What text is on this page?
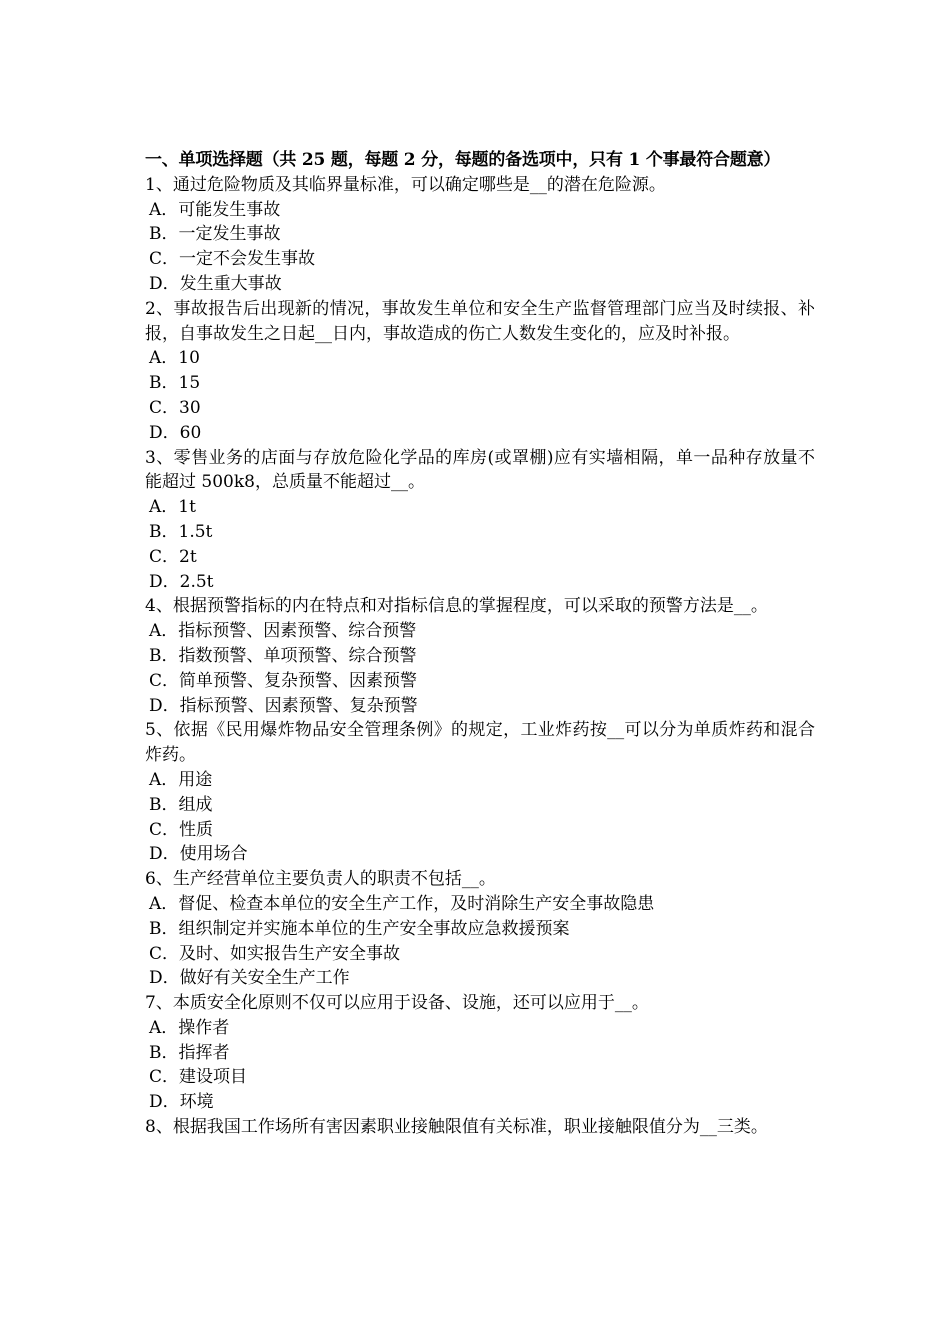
一、单项选择题（共 25 题，每题 2 分，每题的备选项中，只有 1 个事最符合题意）
1、通过危险物质及其临界量标准，可以确定哪些是__的潜在危险源。
A． 可能发生事故
B． 一定发生事故
C． 一定不会发生事故
D． 发生重大事故
2、事故报告后出现新的情况，事故发生单位和安全生产监督管理部门应当及时续报、补报，自事故发生之日起__日内，事故造成的伤亡人数发生变化的，应及时补报。
A． 10
B． 15
C． 30
D． 60
3、零售业务的店面与存放危险化学品的库房(或罩棚)应有实墙相隔，单一品种存放量不能超过 500k8，总质量不能超过__。
A． 1t
B． 1.5t
C． 2t
D． 2.5t
4、根据预警指标的内在特点和对指标信息的掌握程度，可以采取的预警方法是__。
A． 指标预警、因素预警、综合预警
B． 指数预警、单项预警、综合预警
C． 简单预警、复杂预警、因素预警
D． 指标预警、因素预警、复杂预警
5、依据《民用爆炸物品安全管理条例》的规定，工业炸药按__可以分为单质炸药和混合炸药。
A． 用途
B． 组成
C． 性质
D． 使用场合
6、生产经营单位主要负责人的职责不包括__。
A． 督促、检查本单位的安全生产工作，及时消除生产安全事故隐患
B． 组织制定并实施本单位的生产安全事故应急救援预案
C． 及时、如实报告生产安全事故
D． 做好有关安全生产工作
7、本质安全化原则不仅可以应用于设备、设施，还可以应用于__。
A． 操作者
B． 指挥者
C． 建设项目
D． 环境
8、根据我国工作场所有害因素职业接触限值有关标准，职业接触限值分为__三类。
